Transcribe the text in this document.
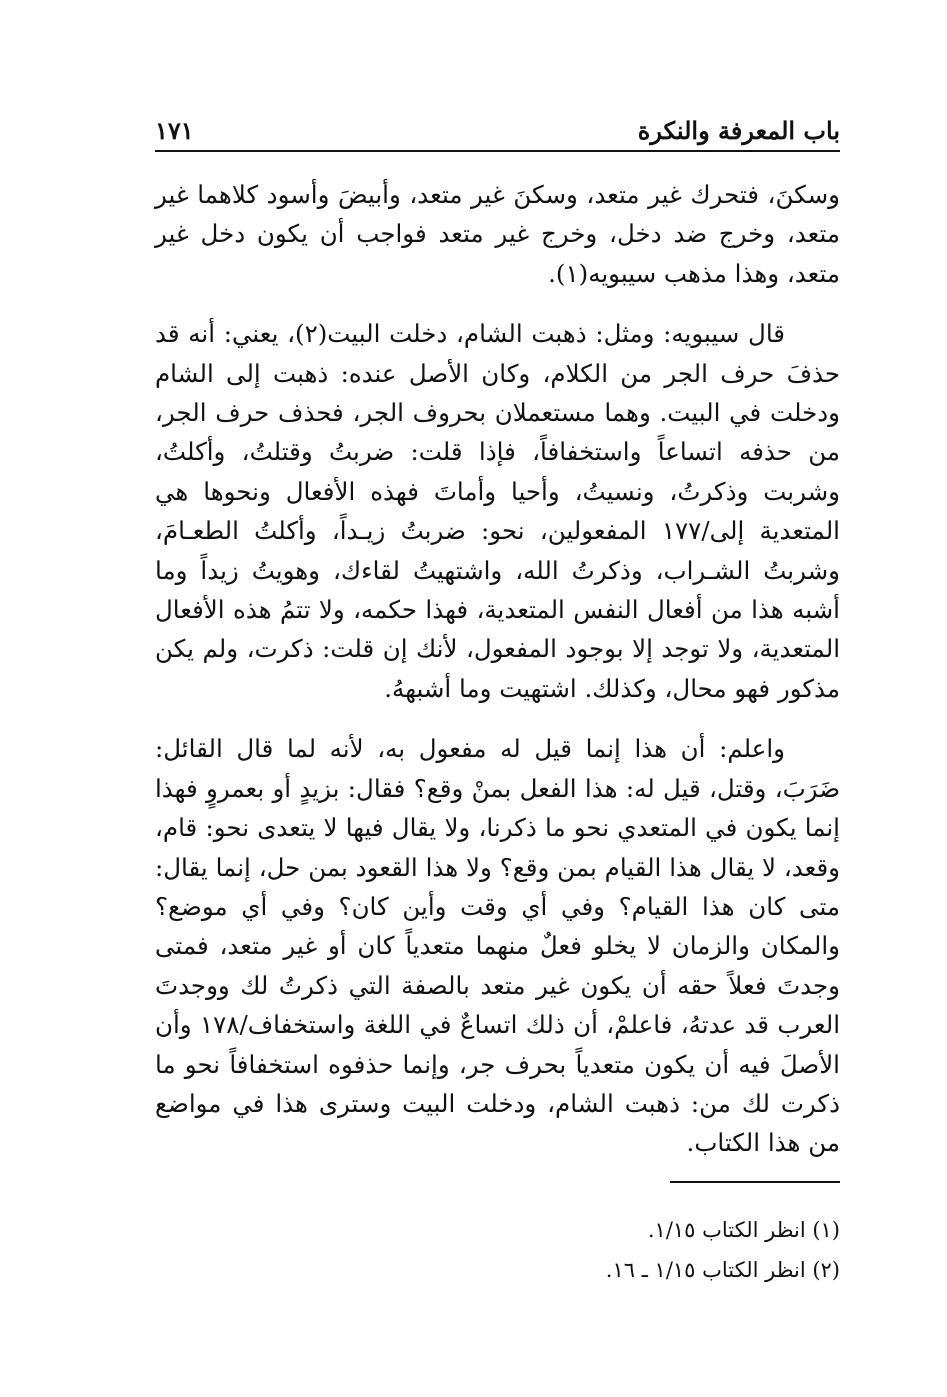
باب المعرفة والنكرة
١٧١

وسكنَ، فتحرك غير متعد، وسكنَ غير متعد، وأبيضَ وأسود كلاهما غير متعد، وخرج ضد دخل، وخرج غير متعد فواجب أن يكون دخل غير متعد، وهذا مذهب سيبويه(١).

قال سيبويه: ومثل: ذهبت الشام، دخلت البيت(٢)، يعني: أنه قد حذفَ حرف الجر من الكلام، وكان الأصل عنده: ذهبت إلى الشام ودخلت في البيت. وهما مستعملان بحروف الجر، فحذف حرف الجر، من حذفه اتساعاً واستخفافاً، فإذا قلت: ضربتُ وقتلتُ، وأكلتُ، وشربت وذكرتُ، ونسيتُ، وأحيا وأماتَ فهذه الأفعال ونحوها هي المتعدية إلى/١٧٧ المفعولين، نحو: ضربتُ زيـداً، وأكلتُ الطعـامَ، وشربتُ الشـراب، وذكرتُ الله، واشتهيتُ لقاءك، وهويتُ زيداً وما أشبه هذا من أفعال النفس المتعدية، فهذا حكمه، ولا تتمُ هذه الأفعال المتعدية، ولا توجد إلا بوجود المفعول، لأنك إن قلت: ذكرت، ولم يكن مذكور فهو محال، وكذلك. اشتهيت وما أشبههُ.

واعلم: أن هذا إنما قيل له مفعول به، لأنه لما قال القائل: ضَرَبَ، وقتل، قيل له: هذا الفعل بمنْ وقع؟ فقال: بزيدٍ أو بعمروٍ فهذا إنما يكون في المتعدي نحو ما ذكرنا، ولا يقال فيها لا يتعدى نحو: قام، وقعد، لا يقال هذا القيام بمن وقع؟ ولا هذا القعود بمن حل، إنما يقال: متى كان هذا القيام؟ وفي أي وقت وأين كان؟ وفي أي موضع؟ والمكان والزمان لا يخلو فعلٌ منهما متعدياً كان أو غير متعد، فمتى وجدتَ فعلاً حقه أن يكون غير متعد بالصفة التي ذكرتُ لك ووجدتَ العرب قد عدتهُ، فاعلمْ، أن ذلك اتساعٌ في اللغة واستخفاف/١٧٨ وأن الأصلَ فيه أن يكون متعدياً بحرف جر، وإنما حذفوه استخفافاً نحو ما ذكرت لك من: ذهبت الشام، ودخلت البيت وسترى هذا في مواضع من هذا الكتاب.

(١) انظر الكتاب ١/١٥.

(٢) انظر الكتاب ١/١٥ ـ ١٦.
